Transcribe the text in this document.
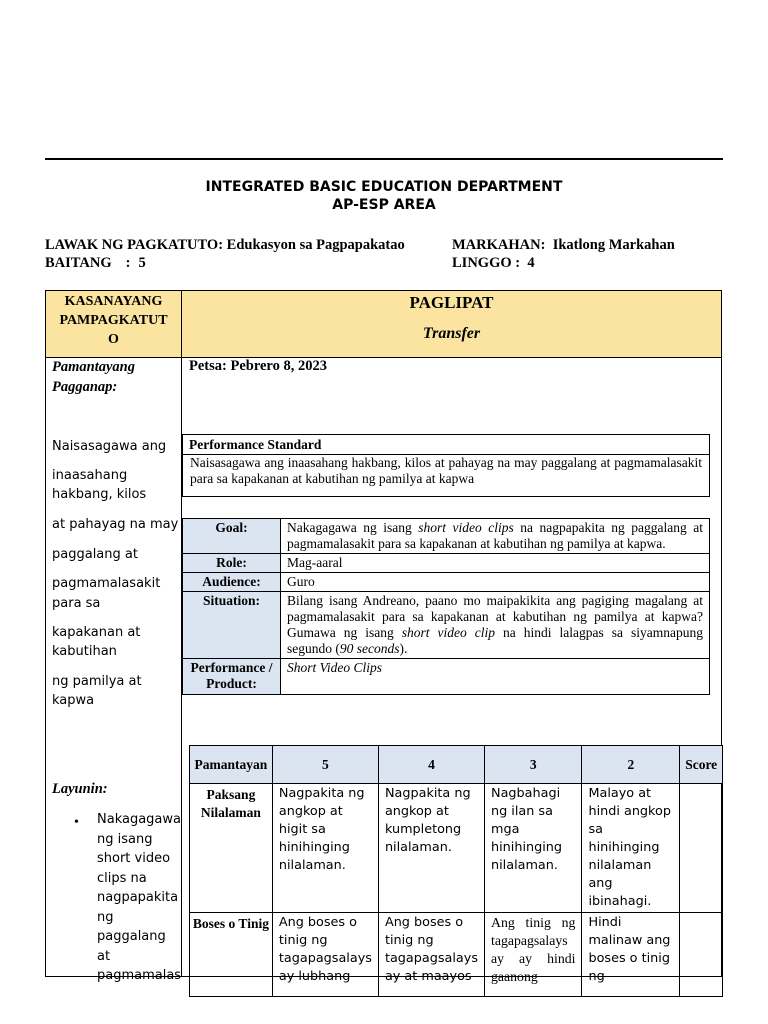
INTEGRATED BASIC EDUCATION DEPARTMENT
AP-ESP AREA
LAWAK NG PAGKATUTO: Edukasyon sa Pagpapakatao
BAITANG : 5
MARKAHAN: Ikatlong Markahan
LINGGO : 4
KASANAYANG
PAMPAGKATUT
O
PAGLIPAT
Transfer
Pamantayang
Pagganap:
Naisasagawa ang
inaasahang
hakbang, kilos
at pahayag na may
paggalang at
pagmamalasakit
para sa
kapakanan at
kabutihan
ng pamilya at
kapwa
Layunin:
• Nakagagawa ng isang short video clips na nagpapakita ng paggalang at pagmamalas
Petsa: Pebrero 8, 2023
Performance Standard
Naisasagawa ang inaasahang hakbang, kilos at pahayag na may paggalang at pagmamalasakit para sa kapakanan at kabutihan ng pamilya at kapwa
Goal:	Nakagagawa ng isang short video clips na nagpapakita ng paggalang at pagmamalasakit para sa kapakanan at kabutihan ng pamilya at kapwa.
Role:	Mag-aaral
Audience:	Guro
Situation:	Bilang isang Andreano, paano mo maipakikita ang pagiging magalang at pagmamalasakit para sa kapakanan at kabutihan ng pamilya at kapwa? Gumawa ng isang short video clip na hindi lalagpas sa siyamnapung segundo (90 seconds).
Performance / Product:	Short Video Clips
Pamantayan	5	4	3	2	Score
Paksang Nilalaman	Nagpakita ng angkop at higit sa hinihinging nilalaman.	Nagpakita ng angkop at kumpletong nilalaman.	Nagbahagi ng ilan sa mga hinihinging nilalaman.	Malayo at hindi angkop sa hinihinging nilalaman ang ibinahagi.	
Boses o Tinig	Ang boses o tinig ng tagapagsalays ay lubhang	Ang boses o tinig ng tagapagsalays ay at maayos	Ang tinig ng tagapagsalays ay ay hindi gaanong	Hindi malinaw ang boses o tinig ng	
